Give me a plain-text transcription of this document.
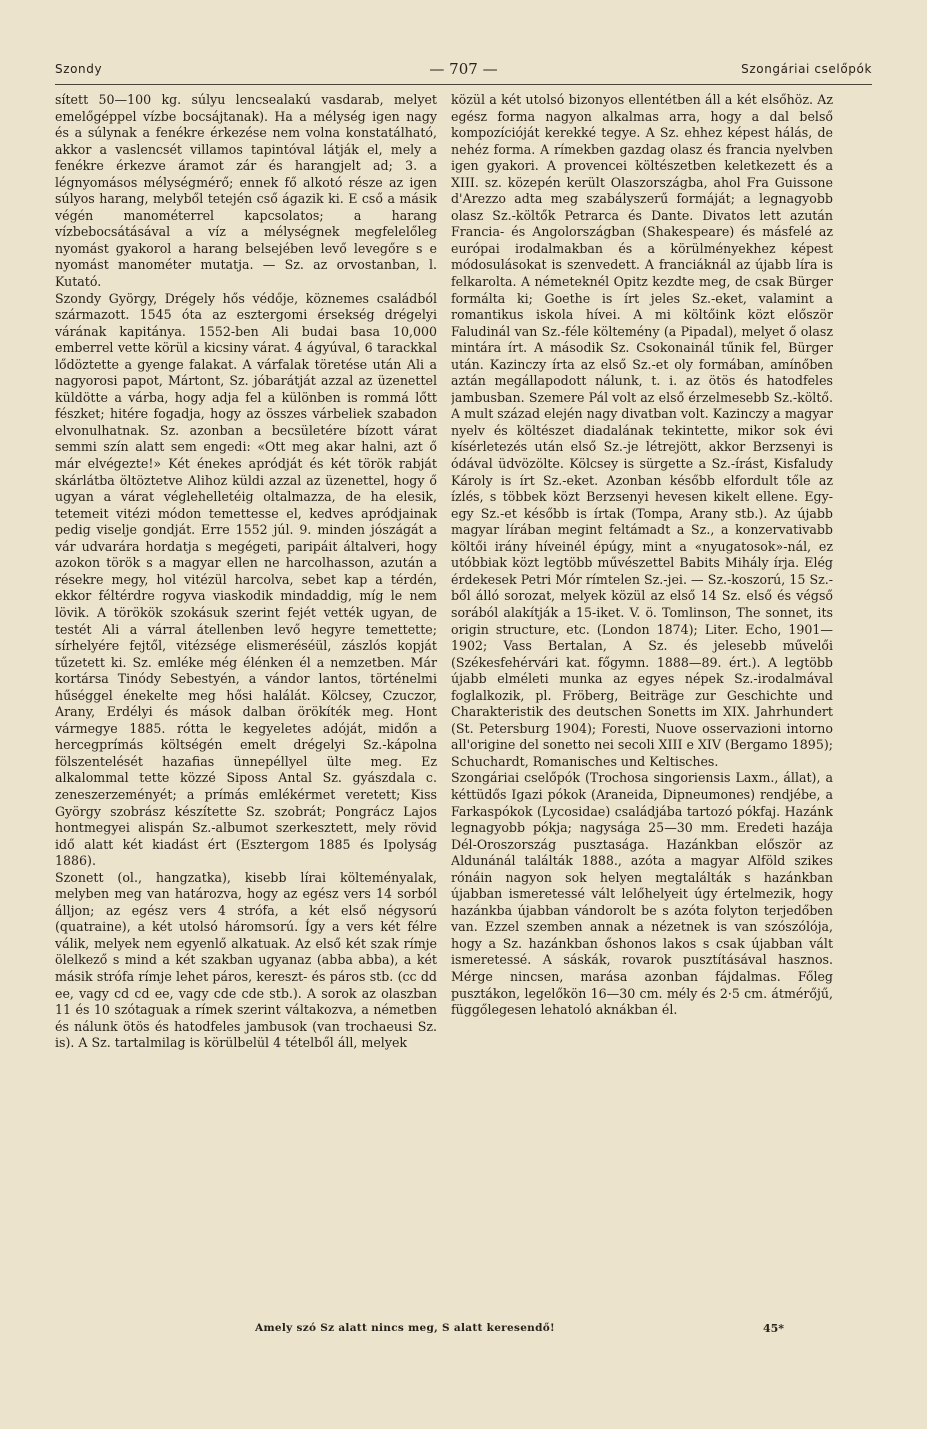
Szondy	— 707 —	Szongáriai cselőpók

sített 50—100 kg. súlyu lencsealakú vasdarab, melyet emelőgéppel vízbe bocsájtanak). Ha a mélység igen nagy és a súlynak a fenékre érkezése nem volna konstatálható, akkor a vaslencsét villamos tapintóval látják el, mely a fenékre érkezve áramot zár és harangjelt ad; 3. a légnyomásos mélységmérő; ennek fő alkotó része az igen súlyos harang, melyből tetején cső ágazik ki. E cső a másik végén manométerrel kapcsolatos; a harang vízbebocsátásával a víz a mélységnek megfelelőleg nyomást gyakorol a harang belsejében levő levegőre s e nyomást manométer mutatja. — Sz. az orvostanban, l. Kutató.

Szondy György, Drégely hős védője, köznemes családból származott. 1545 óta az esztergomi érsekség drégelyi várának kapitánya. 1552-ben Ali budai basa 10,000 emberrel vette körül a kicsiny várat. 4 ágyúval, 6 tarackkal lődöztette a gyenge falakat. A várfalak töretése után Ali a nagyorosi papot, Mártont, Sz. jóbarátját azzal az üzenettel küldötte a várba, hogy adja fel a különben is rommá lőtt fészket; hitére fogadja, hogy az összes várbeliek szabadon elvonulhatnak. Sz. azonban a becsületére bízott várat semmi szín alatt sem engedi: «Ott meg akar halni, azt ő már elvégezte!» Két énekes apródját és két török rabját skárlátba öltöztetve Alihoz küldi azzal az üzenettel, hogy ő ugyan a várat véglehelletéig oltalmazza, de ha elesik, tetemeit vitézi módon temettesse el, kedves apródjainak pedig viselje gondját. Erre 1552 júl. 9. minden jószágát a vár udvarára hordatja s megégeti, paripáit általveri, hogy azokon török s a magyar ellen ne harcolhasson, azután a résekre megy, hol vitézül harcolva, sebet kap a térdén, ekkor féltérdre rogyva viaskodik mindaddig, míg le nem lövik. A törökök szokásuk szerint fejét vették ugyan, de testét Ali a várral átellenben levő hegyre temettette; sírhelyére fejtől, vitézsége elismeréséül, zászlós kopját tűzetett ki. Sz. emléke még élénken él a nemzetben. Már kortársa Tinódy Sebestyén, a vándor lantos, történelmi hűséggel énekelte meg hősi halálát. Kölcsey, Czuczor, Arany, Erdélyi és mások dalban örökíték meg. Hont vármegye 1885. rótta le kegyeletes adóját, midőn a hercegprímás költségén emelt drégelyi Sz.-kápolna fölszentelését hazafias ünnepéllyel ülte meg. Ez alkalommal tette közzé Siposs Antal Sz. gyászdala c. zeneszerzeményét; a prímás emlékérmet veretett; Kiss György szobrász készítette Sz. szobrát; Pongrácz Lajos hontmegyei alispán Sz.-albumot szerkesztett, mely rövid idő alatt két kiadást ért (Esztergom 1885 és Ipolyság 1886).

Szonett (ol., hangzatka), kisebb lírai költeményalak, melyben meg van határozva, hogy az egész vers 14 sorból álljon; az egész vers 4 strófa, a két első négysorú (quatraine), a két utolsó háromsorú. Így a vers két félre válik, melyek nem egyenlő alkatuak. Az első két szak rímje ölelkező s mind a két szakban ugyanaz (abba abba), a két másik strófa rímje lehet páros, kereszt- és páros stb. (cc dd ee, vagy cd cd ee, vagy cde cde stb.). A sorok az olaszban 11 és 10 szótaguak a rímek szerint váltakozva, a németben és nálunk ötös és hatodfeles jambusok (van trochaeusi Sz. is). A Sz. tartalmilag is körülbelül 4 tételből áll, melyek

közül a két utolsó bizonyos ellentétben áll a két elsőhöz. Az egész forma nagyon alkalmas arra, hogy a dal belső kompozícióját kerekké tegye. A Sz. ehhez képest hálás, de nehéz forma. A rímekben gazdag olasz és francia nyelvben igen gyakori. A provencei költészetben keletkezett és a XIII. sz. közepén került Olaszországba, ahol Fra Guissone d'Arezzo adta meg szabályszerű formáját; a legnagyobb olasz Sz.-költők Petrarca és Dante. Divatos lett azután Francia- és Angolországban (Shakespeare) és másfelé az európai irodalmakban és a körülményekhez képest módosulásokat is szenvedett. A franciáknál az újabb líra is felkarolta. A németeknél Opitz kezdte meg, de csak Bürger formálta ki; Goethe is írt jeles Sz.-eket, valamint a romantikus iskola hívei. A mi költőink közt először Faludinál van Sz.-féle költemény (a Pipadal), melyet ő olasz mintára írt. A második Sz. Csokonainál tűnik fel, Bürger után. Kazinczy írta az első Sz.-et oly formában, amínőben aztán megállapodott nálunk, t. i. az ötös és hatodfeles jambusban. Szemere Pál volt az első érzelmesebb Sz.-költő. A mult század elején nagy divatban volt. Kazinczy a magyar nyelv és költészet diadalának tekintette, mikor sok évi kísérletezés után első Sz.-je létrejött, akkor Berzsenyi is ódával üdvözölte. Kölcsey is sürgette a Sz.-írást, Kisfaludy Károly is írt Sz.-eket. Azonban később elfordult tőle az ízlés, s többek közt Berzsenyi hevesen kikelt ellene. Egy-egy Sz.-et később is írtak (Tompa, Arany stb.). Az újabb magyar lírában megint feltámadt a Sz., a konzervativabb költői irány híveinél épúgy, mint a «nyugatosok»-nál, ez utóbbiak közt legtöbb művészettel Babits Mihály írja. Elég érdekesek Petri Mór rímtelen Sz.-jei. — Sz.-koszorú, 15 Sz.-ből álló sorozat, melyek közül az első 14 Sz. első és végső sorából alakítják a 15-iket. V. ö. Tomlinson, The sonnet, its origin structure, etc. (London 1874); Liter. Echo, 1901—1902; Vass Bertalan, A Sz. és jelesebb művelői (Székesfehérvári kat. főgymn. 1888—89. ért.). A legtöbb újabb elméleti munka az egyes népek Sz.-irodalmával foglalkozik, pl. Fröberg, Beiträge zur Geschichte und Charakteristik des deutschen Sonetts im XIX. Jahrhundert (St. Petersburg 1904); Foresti, Nuove osservazioni intorno all'origine del sonetto nei secoli XIII e XIV (Bergamo 1895); Schuchardt, Romanisches und Keltisches.

Szongáriai cselőpók (Trochosa singoriensis Laxm., állat), a kéttüdős Igazi pókok (Araneida, Dipneumones) rendjébe, a Farkaspókok (Lycosidae) családjába tartozó pókfaj. Hazánk legnagyobb pókja; nagysága 25—30 mm. Eredeti hazája Dél-Oroszország pusztasága. Hazánkban először az Aldunánál találták 1888., azóta a magyar Alföld szikes rónáin nagyon sok helyen megtalálták s hazánkban újabban ismeretessé vált lelőhelyeit úgy értelmezik, hogy hazánkba újabban vándorolt be s azóta folyton terjedőben van. Ezzel szemben annak a nézetnek is van szószólója, hogy a Sz. hazánkban őshonos lakos s csak újabban vált ismeretessé. A sáskák, rovarok pusztításával hasznos. Mérge nincsen, marása azonban fájdalmas. Főleg pusztákon, legelőkön 16—30 cm. mély és 2·5 cm. átmérőjű, függőlegesen lehatoló aknákban él.

Amely szó Sz alatt nincs meg, S alatt keresendő!	45*
